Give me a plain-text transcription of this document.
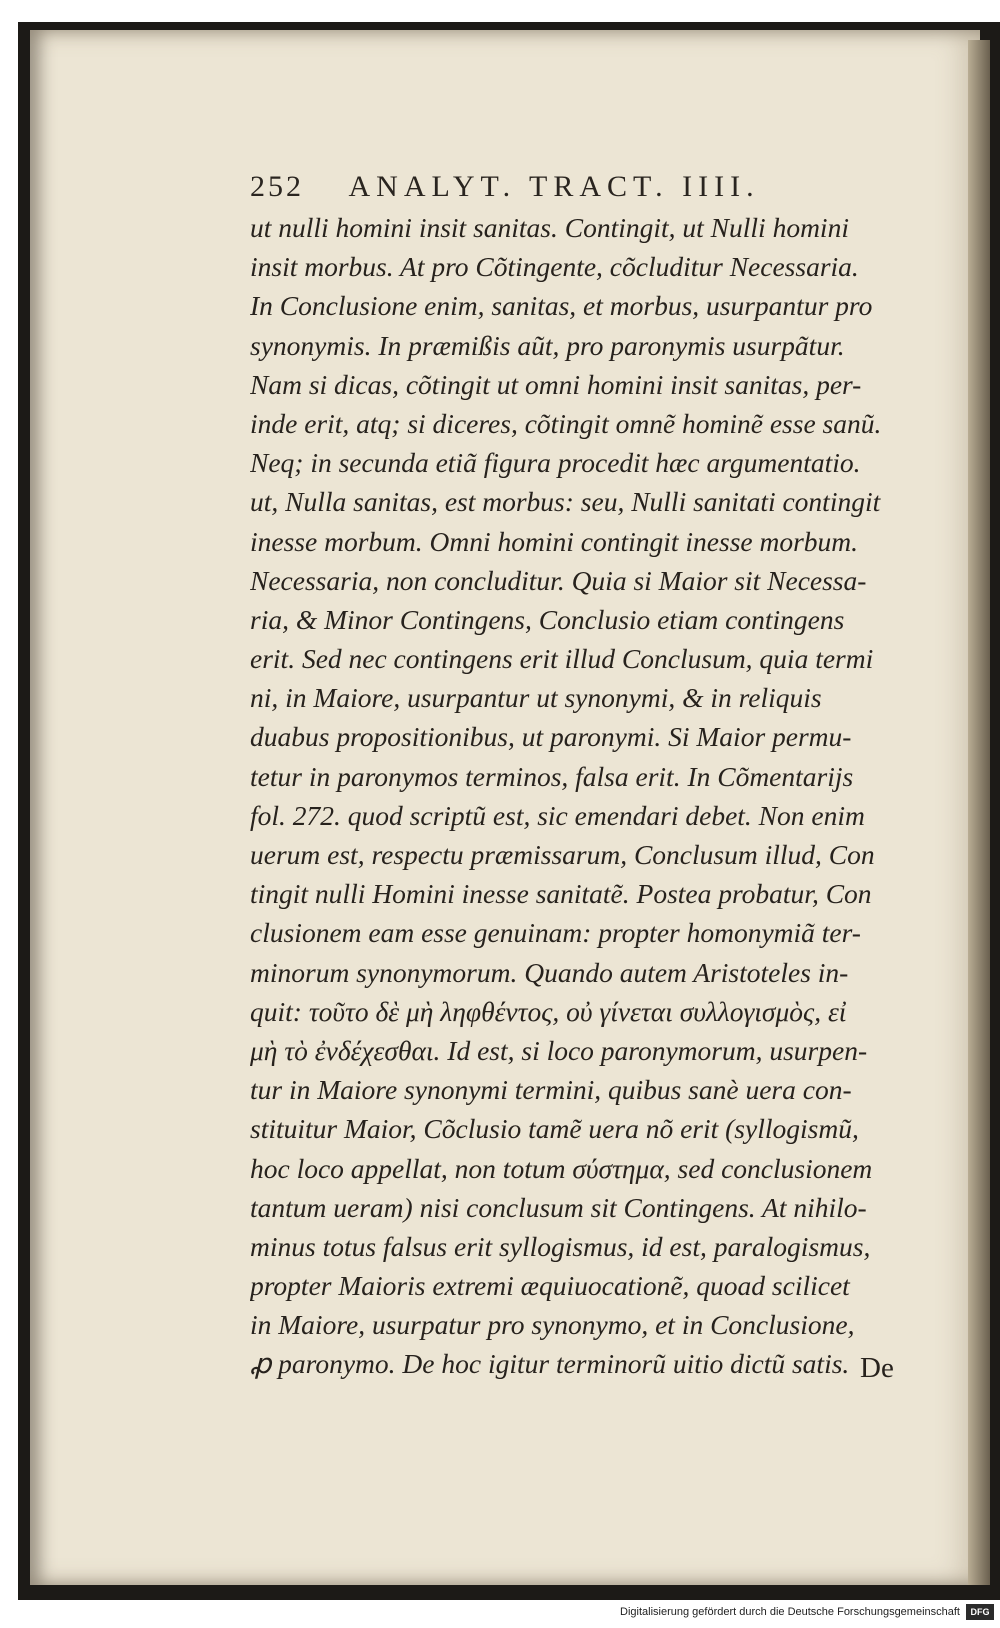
252 ANALYT. TRACT. IIII.
ut nulli homini insit sanitas. Contingit, ut Nulli homini
insit morbus. At pro Cõtingente, cõcluditur Necessaria.
In Conclusione enim, sanitas, et morbus, usurpantur pro
synonymis. In præmißis aũt, pro paronymis usurpãtur.
Nam si dicas, cõtingit ut omni homini insit sanitas, per-
inde erit, atq; si diceres, cõtingit omnẽ hominẽ esse sanũ.
Neq; in secunda etiã figura procedit hæc argumentatio.
ut, Nulla sanitas, est morbus: seu, Nulli sanitati contingit
inesse morbum. Omni homini contingit inesse morbum.
Necessaria, non concluditur. Quia si Maior sit Necessa-
ria, & Minor Contingens, Conclusio etiam contingens
erit. Sed nec contingens erit illud Conclusum, quia termi
ni, in Maiore, usurpantur ut synonymi, & in reliquis
duabus propositionibus, ut paronymi. Si Maior permu-
tetur in paronymos terminos, falsa erit. In Cõmentarijs
fol. 272. quod scriptũ est, sic emendari debet. Non enim
uerum est, respectu præmissarum, Conclusum illud, Con
tingit nulli Homini inesse sanitatẽ. Postea probatur, Con
clusionem eam esse genuinam: propter homonymiã ter-
minorum synonymorum. Quando autem Aristoteles in-
quit: τοῦτο δὲ μὴ ληφθέντος, οὐ γίνεται συλλογισμὸς, εἰ
μὴ τὸ ἐνδέχεσθαι. Id est, si loco paronymorum, usurpen-
tur in Maiore synonymi termini, quibus sanè uera con-
stituitur Maior, Cõclusio tamẽ uera nõ erit (syllogismũ,
hoc loco appellat, non totum σύστημα, sed conclusionem
tantum ueram) nisi conclusum sit Contingens. At nihilo-
minus totus falsus erit syllogismus, id est, paralogismus,
propter Maioris extremi æquiuocationẽ, quoad scilicet
in Maiore, usurpatur pro synonymo, et in Conclusione,
ꝓ paronymo. De hoc igitur terminorũ uitio dictũ satis. De
Digitalisierung gefördert durch die Deutsche Forschungsgemeinschaft	DFG
